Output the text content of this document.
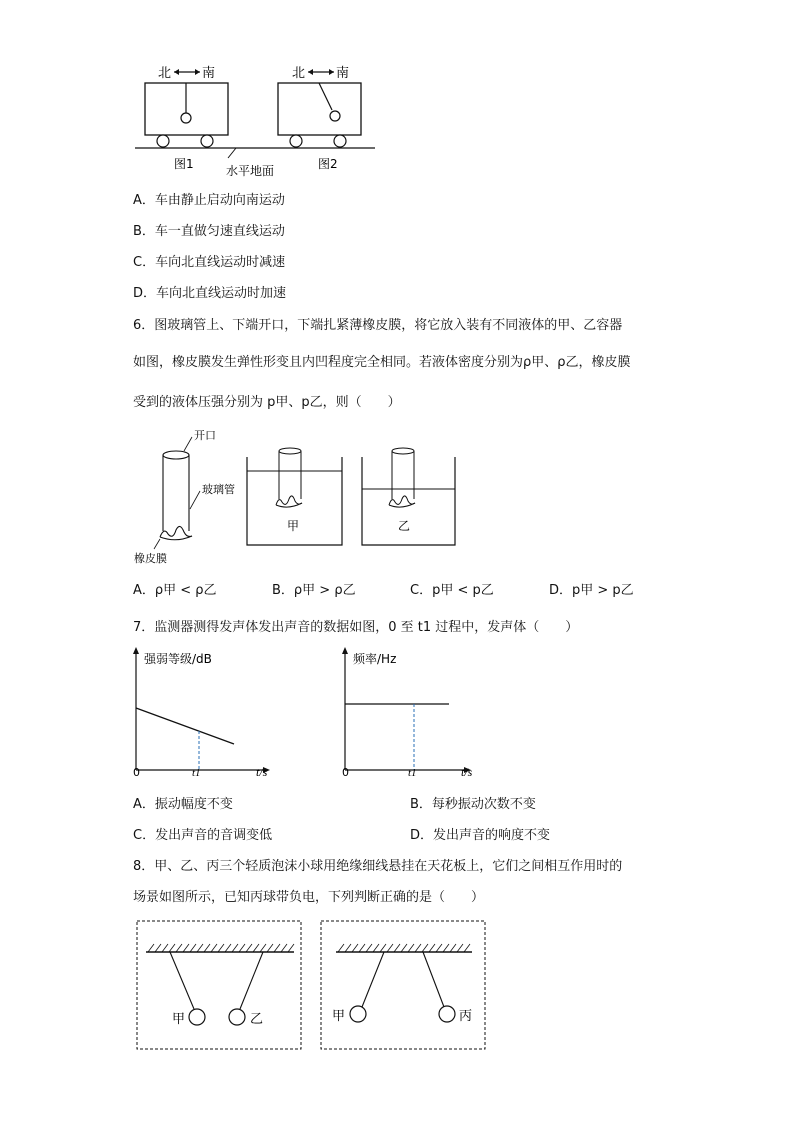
北 南	北 南
图1	图2
水平地面
A．车由静止启动向南运动
B．车一直做匀速直线运动
C．车向北直线运动时减速
D．车向北直线运动时加速
6．图玻璃管上、下端开口，下端扎紧薄橡皮膜，将它放入装有不同液体的甲、乙容器
如图，橡皮膜发生弹性形变且内凹程度完全相同。若液体密度分别为ρ甲、ρ乙，橡皮膜
受到的液体压强分别为 p甲、p乙，则（　　）
开口
玻璃管
橡皮膜
甲	乙
A．ρ甲 < ρ乙	B．ρ甲 > ρ乙	C．p甲 < p乙	D．p甲 > p乙
7．监测器测得发声体发出声音的数据如图，0 至 t1 过程中，发声体（　　）
强弱等级/dB
0	t1	t/s
频率/Hz
0	t1	t/s
A．振动幅度不变	B．每秒振动次数不变
C．发出声音的音调变低	D．发出声音的响度不变
8．甲、乙、丙三个轻质泡沫小球用绝缘细线悬挂在天花板上，它们之间相互作用时的
场景如图所示，已知丙球带负电，下列判断正确的是（　　）
甲	乙	甲	丙
